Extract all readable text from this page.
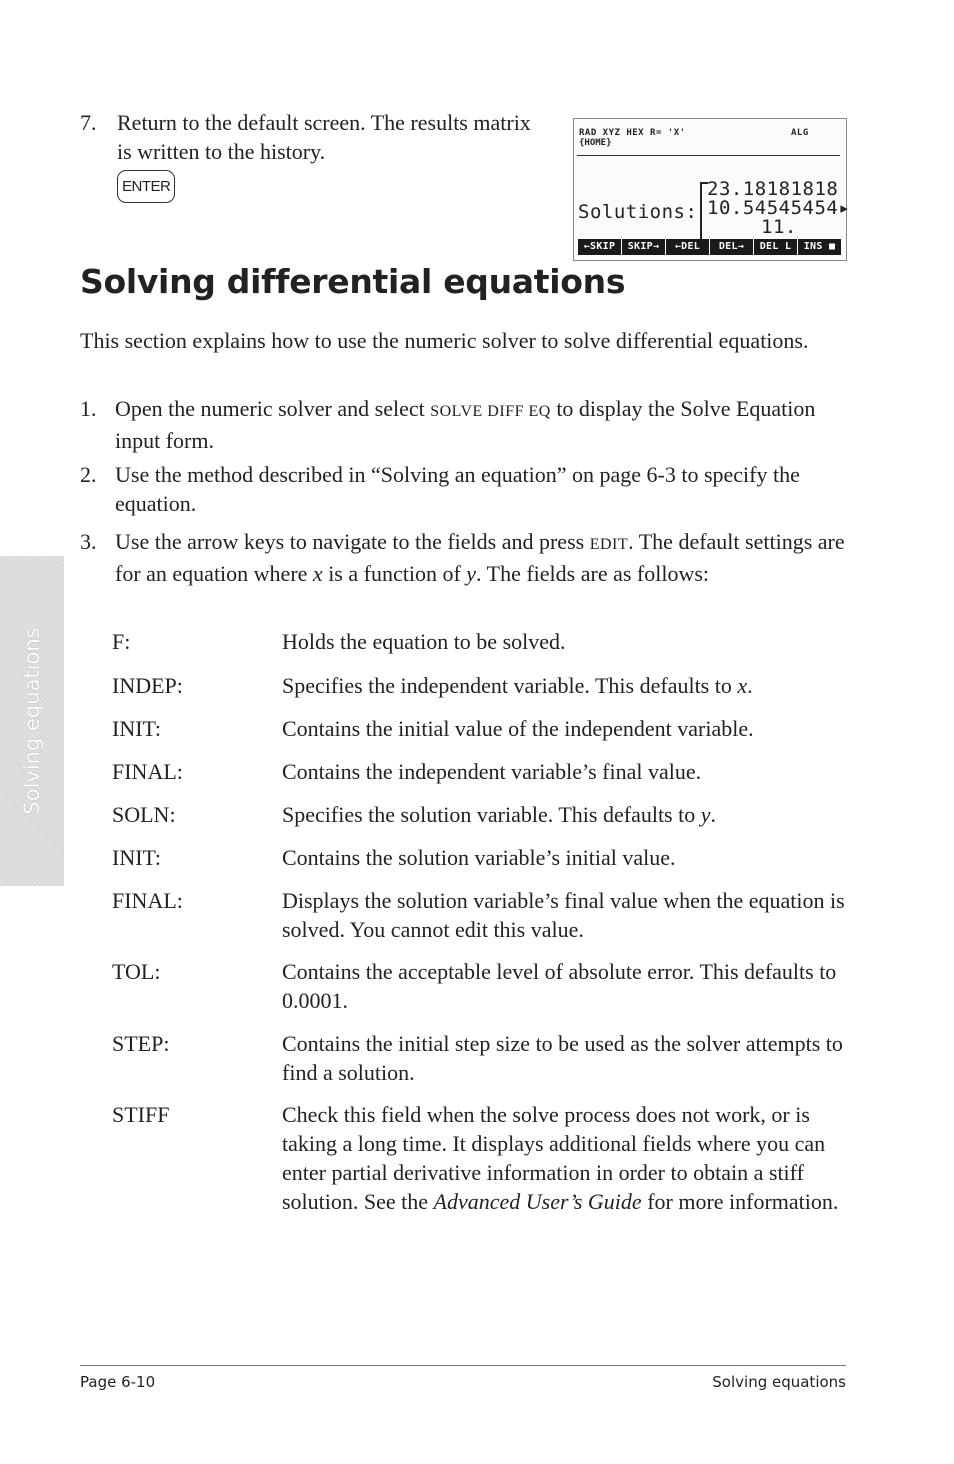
7. Return to the default screen. The results matrix is written to the history.
ENTER
RAD XYZ HEX R= 'X'	ALG
{HOME}
Solutions:
23.18181818
10.54545454▸
11.
←SKIP	SKIP→	←DEL	DEL→	DEL L	INS ■
Solving differential equations
This section explains how to use the numeric solver to solve differential equations.
1. Open the numeric solver and select SOLVE DIFF EQ to display the Solve Equation input form.
2. Use the method described in “Solving an equation” on page 6-3 to specify the equation.
3. Use the arrow keys to navigate to the fields and press EDIT. The default settings are for an equation where x is a function of y. The fields are as follows:
F:	Holds the equation to be solved.
INDEP:	Specifies the independent variable. This defaults to x.
INIT:	Contains the initial value of the independent variable.
FINAL:	Contains the independent variable’s final value.
SOLN:	Specifies the solution variable. This defaults to y.
INIT:	Contains the solution variable’s initial value.
FINAL:	Displays the solution variable’s final value when the equation is solved. You cannot edit this value.
TOL:	Contains the acceptable level of absolute error. This defaults to 0.0001.
STEP:	Contains the initial step size to be used as the solver attempts to find a solution.
STIFF	Check this field when the solve process does not work, or is taking a long time. It displays additional fields where you can enter partial derivative information in order to obtain a stiff solution. See the Advanced User’s Guide for more information.
Solving equations
Page 6-10	Solving equations
